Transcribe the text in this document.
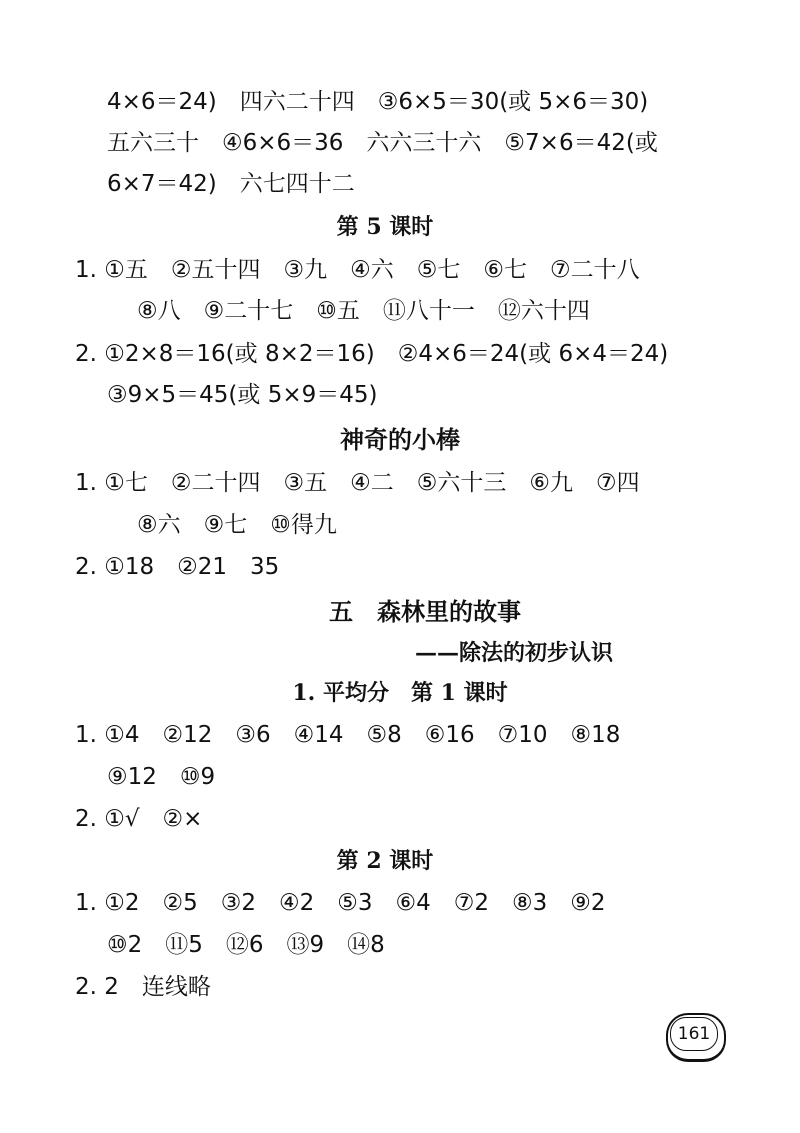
4×6＝24)　四六二十四　③6×5＝30(或 5×6＝30)
五六三十　④6×6＝36　六六三十六　⑤7×6＝42(或
6×7＝42)　六七四十二
第 5 课时
1. ①五　②五十四　③九　④六　⑤七　⑥七　⑦二十八
⑧八　⑨二十七　⑩五　⑪八十一　⑫六十四
2. ①2×8＝16(或 8×2＝16)　②4×6＝24(或 6×4＝24)
③9×5＝45(或 5×9＝45)
神奇的小棒
1. ①七　②二十四　③五　④二　⑤六十三　⑥九　⑦四
⑧六　⑨七　⑩得九
2. ①18　②21　35
五　森林里的故事
——除法的初步认识
1. 平均分　第 1 课时
1. ①4　②12　③6　④14　⑤8　⑥16　⑦10　⑧18
⑨12　⑩9
2. ①√　②×
第 2 课时
1. ①2　②5　③2　④2　⑤3　⑥4　⑦2　⑧3　⑨2
⑩2　⑪5　⑫6　⑬9　⑭8
2. 2　连线略
161
